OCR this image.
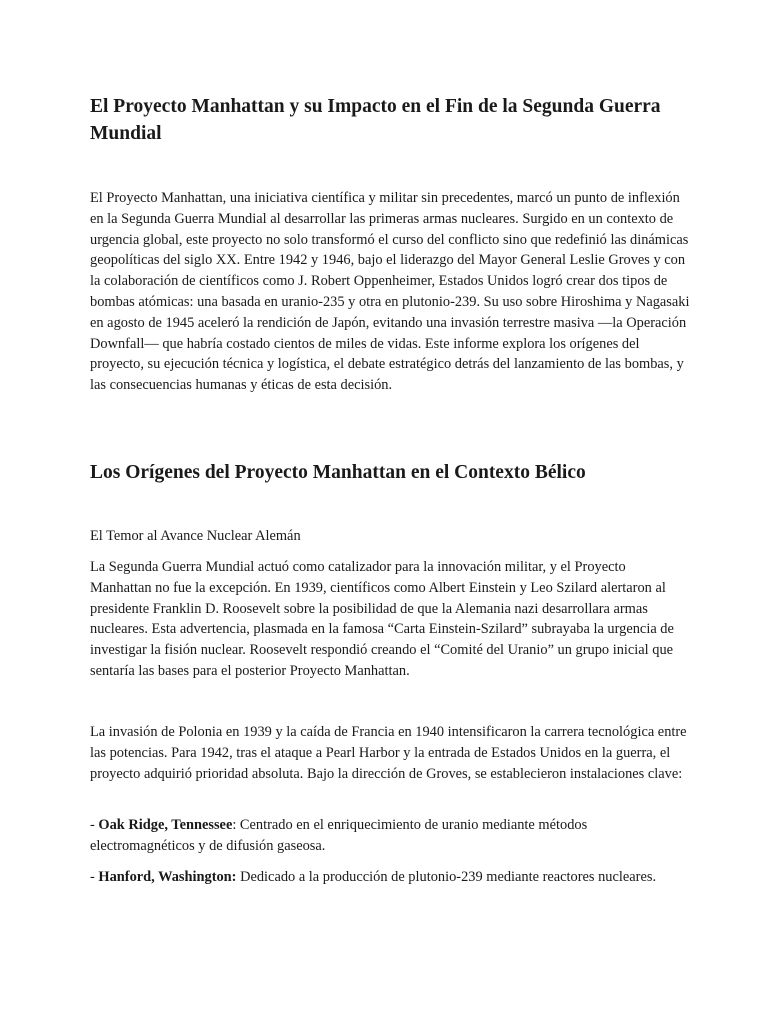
El Proyecto Manhattan y su Impacto en el Fin de la Segunda Guerra Mundial

El Proyecto Manhattan, una iniciativa científica y militar sin precedentes, marcó un punto de inflexión en la Segunda Guerra Mundial al desarrollar las primeras armas nucleares. Surgido en un contexto de urgencia global, este proyecto no solo transformó el curso del conflicto sino que redefinió las dinámicas geopolíticas del siglo XX. Entre 1942 y 1946, bajo el liderazgo del Mayor General Leslie Groves y con la colaboración de científicos como J. Robert Oppenheimer, Estados Unidos logró crear dos tipos de bombas atómicas: una basada en uranio-235 y otra en plutonio-239. Su uso sobre Hiroshima y Nagasaki en agosto de 1945 aceleró la rendición de Japón, evitando una invasión terrestre masiva —la Operación Downfall— que habría costado cientos de miles de vidas. Este informe explora los orígenes del proyecto, su ejecución técnica y logística, el debate estratégico detrás del lanzamiento de las bombas, y las consecuencias humanas y éticas de esta decisión.

Los Orígenes del Proyecto Manhattan en el Contexto Bélico
El Temor al Avance Nuclear Alemán

La Segunda Guerra Mundial actuó como catalizador para la innovación militar, y el Proyecto Manhattan no fue la excepción. En 1939, científicos como Albert Einstein y Leo Szilard alertaron al presidente Franklin D. Roosevelt sobre la posibilidad de que la Alemania nazi desarrollara armas nucleares. Esta advertencia, plasmada en la famosa “Carta Einstein-Szilard” subrayaba la urgencia de investigar la fisión nuclear. Roosevelt respondió creando el “Comité del Uranio” un grupo inicial que sentaría las bases para el posterior Proyecto Manhattan.

La invasión de Polonia en 1939 y la caída de Francia en 1940 intensificaron la carrera tecnológica entre las potencias. Para 1942, tras el ataque a Pearl Harbor y la entrada de Estados Unidos en la guerra, el proyecto adquirió prioridad absoluta. Bajo la dirección de Groves, se establecieron instalaciones clave:

- Oak Ridge, Tennessee: Centrado en el enriquecimiento de uranio mediante métodos electromagnéticos y de difusión gaseosa.

- Hanford, Washington: Dedicado a la producción de plutonio-239 mediante reactores nucleares.
